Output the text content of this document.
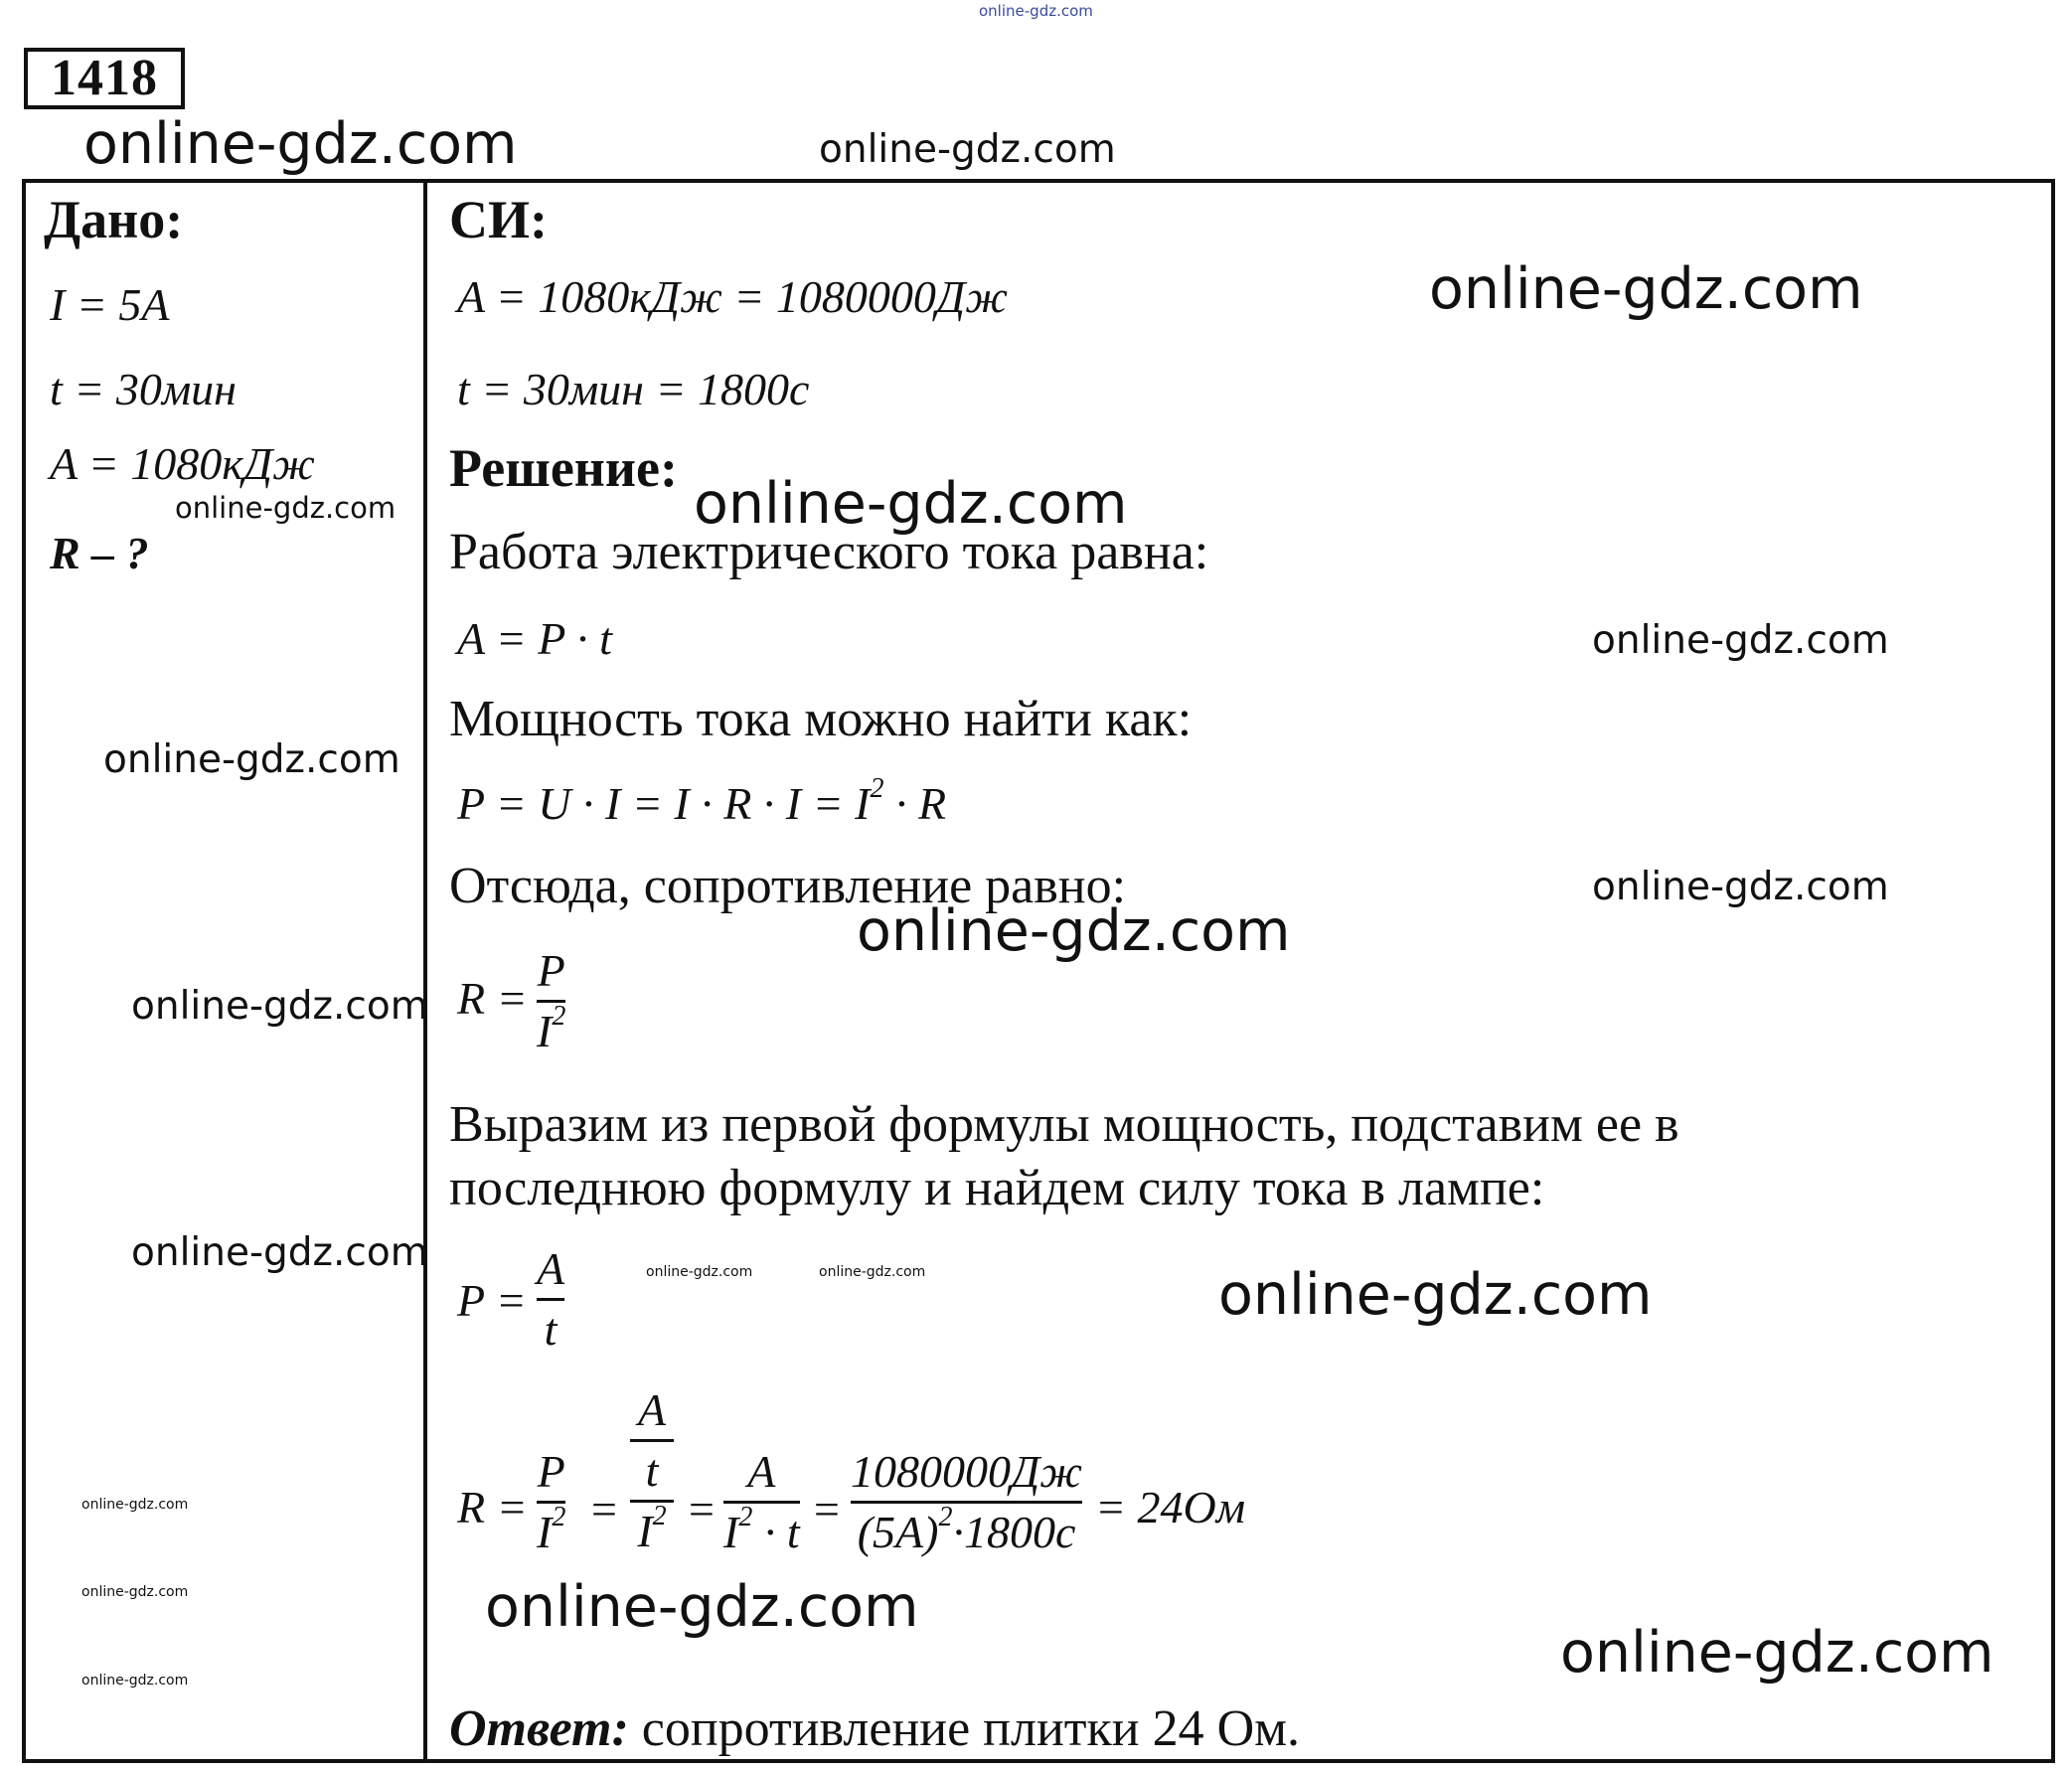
online-gdz.com
1418
online-gdz.com	online-gdz.com
Дано:
I = 5A
t = 30мин
A = 1080кДж
online-gdz.com
R – ?
online-gdz.com
online-gdz.com
online-gdz.com
online-gdz.com
online-gdz.com
online-gdz.com
СИ:
A = 1080кДж = 1080000Дж	online-gdz.com
t = 30мин = 1800с
Решение:
online-gdz.com
Работа электрического тока равна:
A = P · t	online-gdz.com
Мощность тока можно найти как:
$P = U \cdot I = I \cdot R \cdot I = I^2 \cdot R$
Отсюда, сопротивление равно:	online-gdz.com
online-gdz.com
R =
P
$I^2$
Выразим из первой формулы мощность, подставим ее в
последнюю формулу и найдем силу тока в лампе:
P =
A
t
online-gdz.com	online-gdz.com	online-gdz.com
R =
P
$I^2$ =
A
t
$I^2$ =
A
$I^2 \cdot t$ =
1080000Дж
$(5A)^2\cdot 1800с = 24Ом$
online-gdz.com
online-gdz.com
Ответ: сопротивление плитки 24 Ом.
